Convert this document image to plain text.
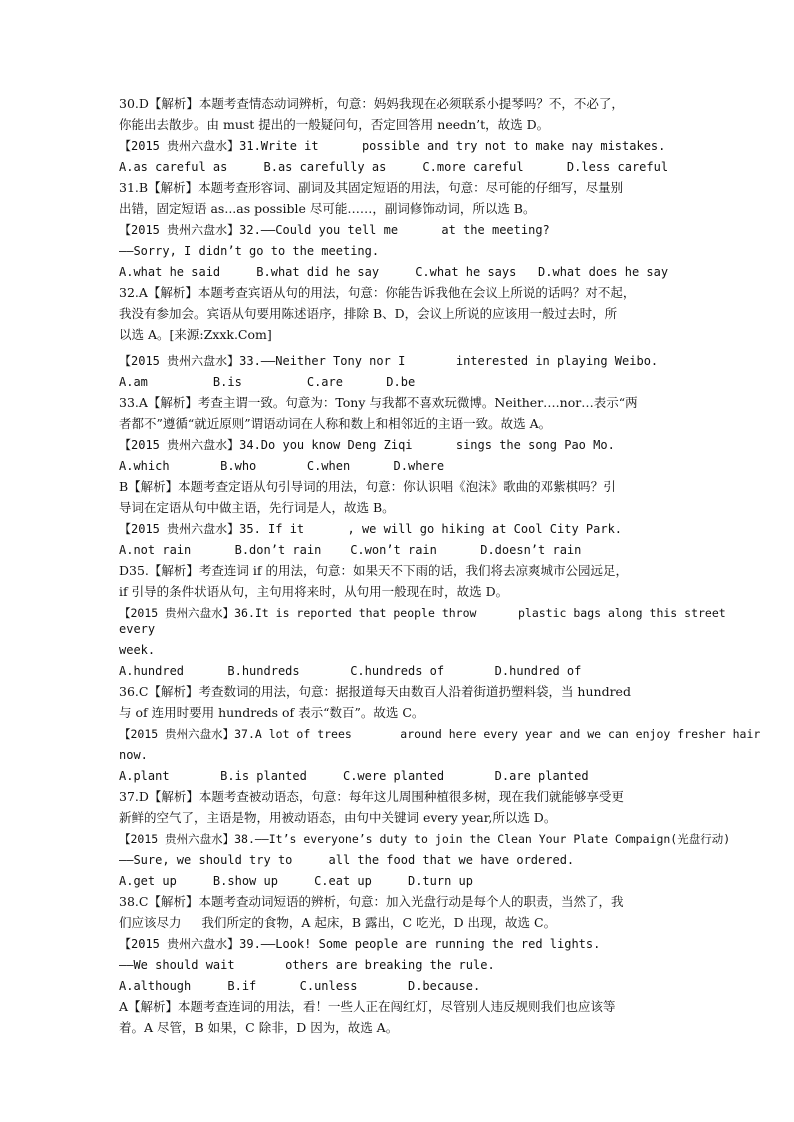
30.D【解析】本题考查情态动词辨析，句意：妈妈我现在必须联系小提琴吗？不，不必了，
你能出去散步。由 must 提出的一般疑问句，否定回答用 needn’t，故选 D。
【2015 贵州六盘水】31.Write it      possible and try not to make nay mistakes.
A.as careful as     B.as carefully as     C.more careful      D.less careful
31.B【解析】本题考查形容词、副词及其固定短语的用法，句意：尽可能的仔细写，尽量别
出错，固定短语 as...as possible 尽可能……，副词修饰动词，所以选 B。
【2015 贵州六盘水】32.——Could you tell me      at the meeting?
——Sorry, I didn’t go to the meeting.
A.what he said     B.what did he say     C.what he says   D.what does he say
32.A【解析】本题考查宾语从句的用法，句意：你能告诉我他在会议上所说的话吗？对不起，
我没有参加会。宾语从句要用陈述语序，排除 B、D，会议上所说的应该用一般过去时，所
以选 A。[来源:Zxxk.Com]
【2015 贵州六盘水】33.——Neither Tony nor I       interested in playing Weibo.
A.am         B.is         C.are      D.be
33.A【解析】考查主谓一致。句意为：Tony 与我都不喜欢玩微博。Neither….nor…表示“两
者都不”遵循“就近原则”谓语动词在人称和数上和相邻近的主语一致。故选 A。
【2015 贵州六盘水】34.Do you know Deng Ziqi      sings the song Pao Mo.
A.which       B.who       C.when      D.where
B【解析】本题考查定语从句引导词的用法，句意：你认识唱《泡沫》歌曲的邓紫棋吗？引
导词在定语从句中做主语，先行词是人，故选 B。
【2015 贵州六盘水】35. If it      , we will go hiking at Cool City Park.
A.not rain      B.don’t rain    C.won’t rain      D.doesn’t rain
D35.【解析】考查连词 if 的用法，句意：如果天不下雨的话，我们将去凉爽城市公园远足，
if 引导的条件状语从句，主句用将来时，从句用一般现在时，故选 D。
【2015 贵州六盘水】36.It is reported that people throw      plastic bags along this street
every
week.
A.hundred      B.hundreds       C.hundreds of       D.hundred of
36.C【解析】考查数词的用法，句意：据报道每天由数百人沿着街道扔塑料袋，当 hundred
与 of 连用时要用 hundreds of 表示“数百”。故选 C。
【2015 贵州六盘水】37.A lot of trees       around here every year and we can enjoy fresher hair
now.
A.plant       B.is planted     C.were planted       D.are planted
37.D【解析】本题考查被动语态，句意：每年这儿周围种植很多树，现在我们就能够享受更
新鲜的空气了，主语是物，用被动语态，由句中关键词 every year,所以选 D。
【2015 贵州六盘水】38.——It’s everyone’s duty to join the Clean Your Plate Compaign(光盘行动)
——Sure, we should try to     all the food that we have ordered.
A.get up     B.show up     C.eat up     D.turn up
38.C【解析】本题考查动词短语的辨析，句意：加入光盘行动是每个人的职责，当然了，我
们应该尽力     我们所定的食物，A 起床，B 露出，C 吃光，D 出现，故选 C。
【2015 贵州六盘水】39.——Look! Some people are running the red lights.
——We should wait       others are breaking the rule.
A.although     B.if      C.unless       D.because.
A【解析】本题考查连词的用法，看！一些人正在闯红灯，尽管别人违反规则我们也应该等
着。A 尽管，B 如果，C 除非，D 因为，故选 A。
